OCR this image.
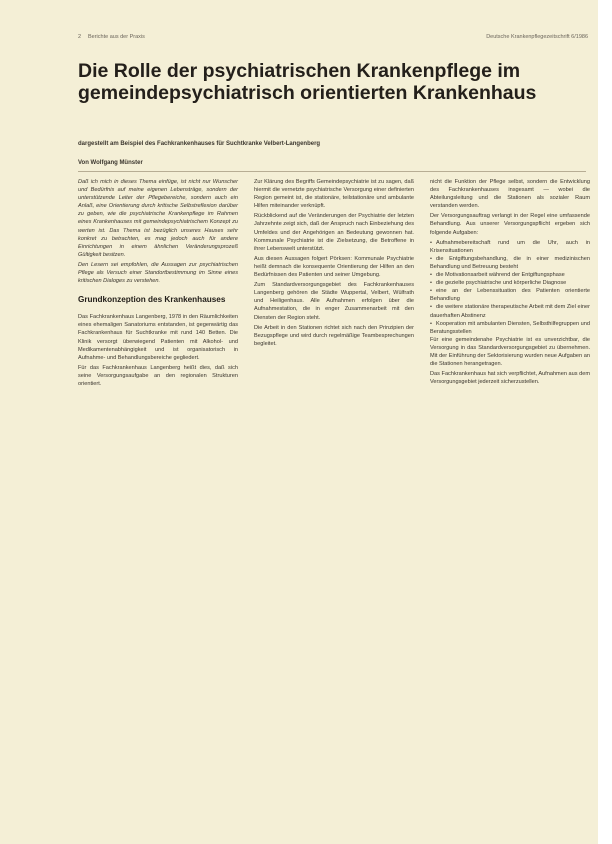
2 Berichte aus der Praxis	Deutsche Krankenpflegezeitschrift 6/1986
Die Rolle der psychiatrischen Krankenpflege im gemeindepsychiatrisch orientierten Krankenhaus

dargestellt am Beispiel des Fachkrankenhauses für Suchtkranke Velbert-Langenberg

Von Wolfgang Münster

Daß ich mich in dieses Thema einfüge, ist nicht nur Wunscher und Bedürfnis auf meine eigenen Lebensträge, sondern der unterstützende Leiter der Pflegebereiche, sondern auch ein Anlaß, eine Orientierung durch kritische Selbstreflexion darüber zu geben, wie die psychiatrische Krankenpflege im Rahmen eines Krankenhauses mit gemeindepsychiatrischem Konzept zu werten ist. Das Thema ist bezüglich unseres Hauses sehr konkret zu betrachten, es mag jedoch auch für andere Einrichtungen in einem ähnlichen Veränderungsprozeß Gültigkeit besitzen.

Den Lesern sei empfohlen, die Aussagen zur psychiatrischen Pflege als Versuch einer Standortbestimmung im Sinne eines kritischen Dialoges zu verstehen.

Grundkonzeption des Krankenhauses

Das Fachkrankenhaus Langenberg, 1978 in den Räumlichkeiten eines ehemaligen Sanatoriums entstanden, ist gegenwärtig das Fachkrankenhaus für Suchtkranke mit rund 140 Betten. Die Klinik versorgt überwiegend Patienten mit Alkohol- und Medikamentenabhängigkeit und ist organisatorisch in Aufnahme- und Behandlungsbereiche gegliedert.

Für das Fachkrankenhaus Langenberg heißt dies, daß sich seine Versorgungsaufgabe an den regionalen Strukturen orientiert.

Zur Klärung des Begriffs Gemeindepsychiatrie ist zu sagen, daß hiermit die vernetzte psychiatrische Versorgung einer definierten Region gemeint ist, die stationäre, teilstationäre und ambulante Hilfen miteinander verknüpft.

Rückblickend auf die Veränderungen der Psychiatrie der letzten Jahrzehnte zeigt sich, daß der Anspruch nach Einbeziehung des Umfeldes und der Angehörigen an Bedeutung gewonnen hat. Kommunale Psychiatrie ist die Zielsetzung, die Betroffene in ihrer Lebenswelt unterstützt.

Aus diesen Aussagen folgert Pörksen: Kommunale Psychiatrie heißt demnach die konsequente Orientierung der Hilfen an den Bedürfnissen des Patienten und seiner Umgebung.

Zum Standardversorgungsgebiet des Fachkrankenhauses Langenberg gehören die Städte Wuppertal, Velbert, Wülfrath und Heiligenhaus. Alle Aufnahmen erfolgen über die Aufnahmestation, die in enger Zusammenarbeit mit den Diensten der Region steht.

Die Arbeit in den Stationen richtet sich nach den Prinzipien der Bezugspflege und wird durch regelmäßige Teambesprechungen begleitet.

nicht die Funktion der Pflege selbst, sondern die Entwicklung des Fachkrankenhauses insgesamt — wobei die Abteilungsleitung und die Stationen als sozialer Raum verstanden werden.

Der Versorgungsauftrag verlangt in der Regel eine umfassende Behandlung. Aus unserer Versorgungspflicht ergeben sich folgende Aufgaben:

• Aufnahmebereitschaft rund um die Uhr, auch in Krisensituationen

• die Entgiftungsbehandlung, die in einer medizinischen Behandlung und Betreuung besteht

• die Motivationsarbeit während der Entgiftungsphase

• die gezielte psychiatrische und körperliche Diagnose

• eine an der Lebenssituation des Patienten orientierte Behandlung

• die weitere stationäre therapeutische Arbeit mit dem Ziel einer dauerhaften Abstinenz

• Kooperation mit ambulanten Diensten, Selbsthilfegruppen und Beratungsstellen

Für eine gemeindenahe Psychiatrie ist es unverzichtbar, die Versorgung in das Standardversorgungsgebiet zu übernehmen. Mit der Einführung der Sektorisierung wurden neue Aufgaben an die Stationen herangetragen.

Das Fachkrankenhaus hat sich verpflichtet, Aufnahmen aus dem Versorgungsgebiet jederzeit sicherzustellen.
